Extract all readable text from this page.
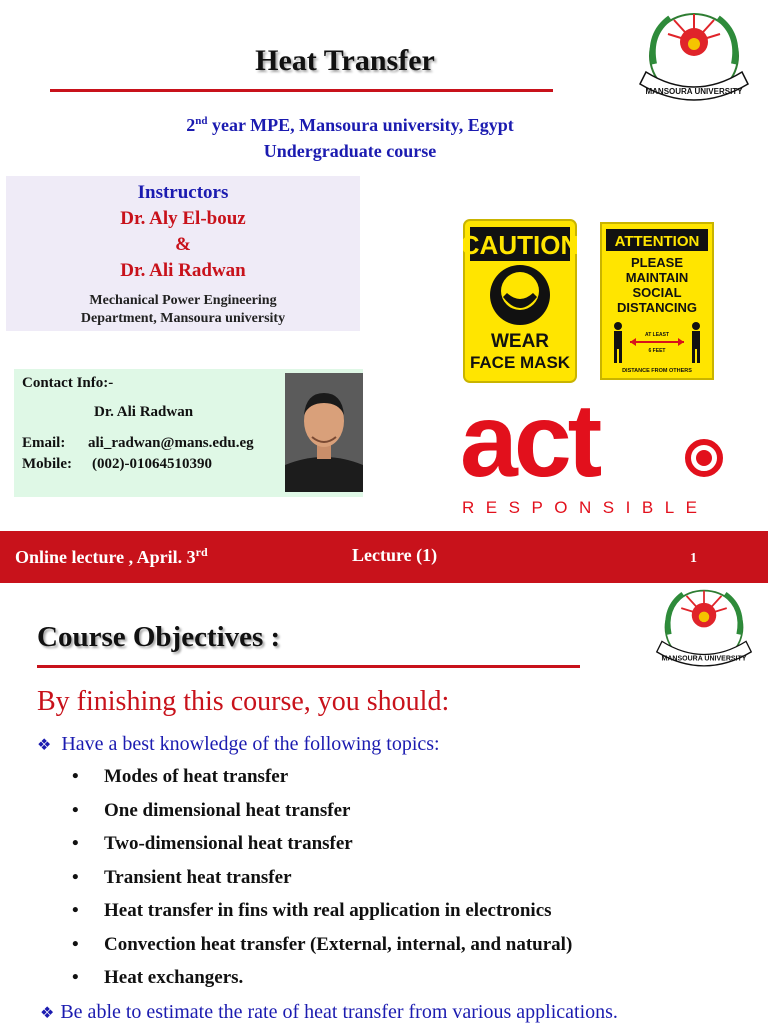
Heat Transfer
MANSOURA UNIVERSITY
2nd year MPE, Mansoura university, Egypt
Undergraduate course
Instructors
Dr. Aly El-bouz
&
Dr. Ali Radwan
Mechanical Power Engineering
Department, Mansoura university
Contact Info:-
Dr. Ali Radwan
Email: ali_radwan@mans.edu.eg
Mobile: (002)-01064510390
CAUTION
WEAR
FACE MASK
ATTENTION
PLEASE
MAINTAIN
SOCIAL
DISTANCING
AT LEAST
6 FEET
DISTANCE FROM OTHERS
act
RESPONSIBLE
Online lecture , April. 3rd	Lecture (1)	1
MANSOURA UNIVERSITY
Course Objectives :
By finishing this course, you should:
❖ Have a best knowledge of the following topics:
• Modes of heat transfer
• One dimensional heat transfer
• Two-dimensional heat transfer
• Transient heat transfer
• Heat transfer in fins with real application in electronics
• Convection heat transfer (External, internal, and natural)
• Heat exchangers.
❖ Be able to estimate the rate of heat transfer from various applications.
